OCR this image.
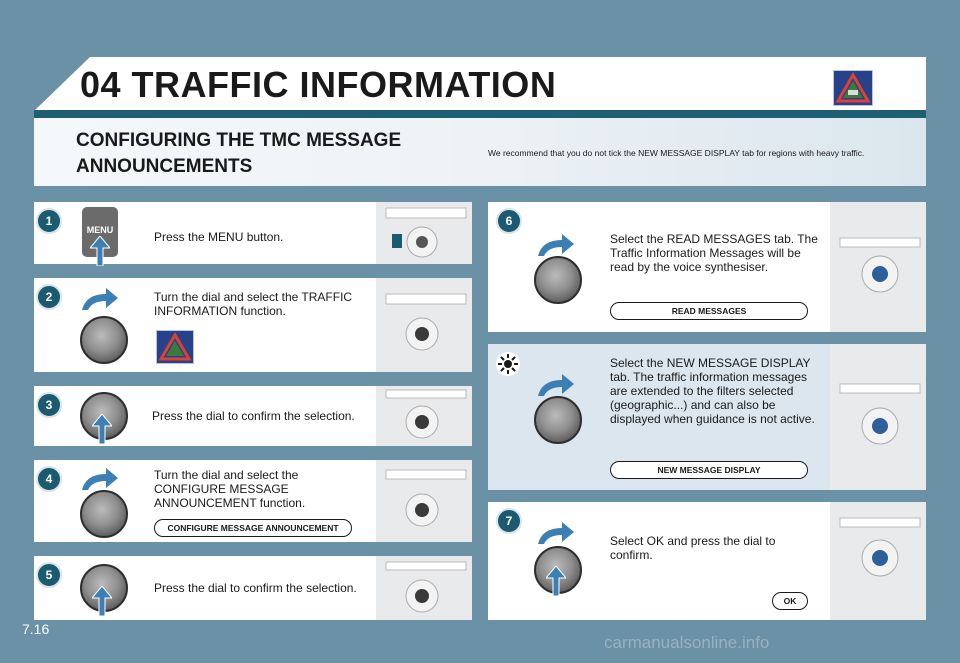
04 TRAFFIC INFORMATION
CONFIGURING THE TMC MESSAGE ANNOUNCEMENTS
We recommend that you do not tick the NEW MESSAGE DISPLAY tab for regions with heavy traffic.
1
MENU	Press the MENU button.
2	Turn the dial and select the TRAFFIC INFORMATION function.
3
Press the dial to confirm the selection.
4	Turn the dial and select the CONFIGURE MESSAGE ANNOUNCEMENT function.
CONFIGURE MESSAGE ANNOUNCEMENT
5
Press the dial to confirm the selection.
6
Select the READ MESSAGES tab. The Traffic Information Messages will be read by the voice synthesiser.
READ MESSAGES
Select the NEW MESSAGE DISPLAY tab. The traffic information messages are extended to the filters selected (geographic...) and can also be displayed when guidance is not active.
NEW MESSAGE DISPLAY
7
Select OK and press the dial to confirm.
OK
7.16
carmanualsonline.info
